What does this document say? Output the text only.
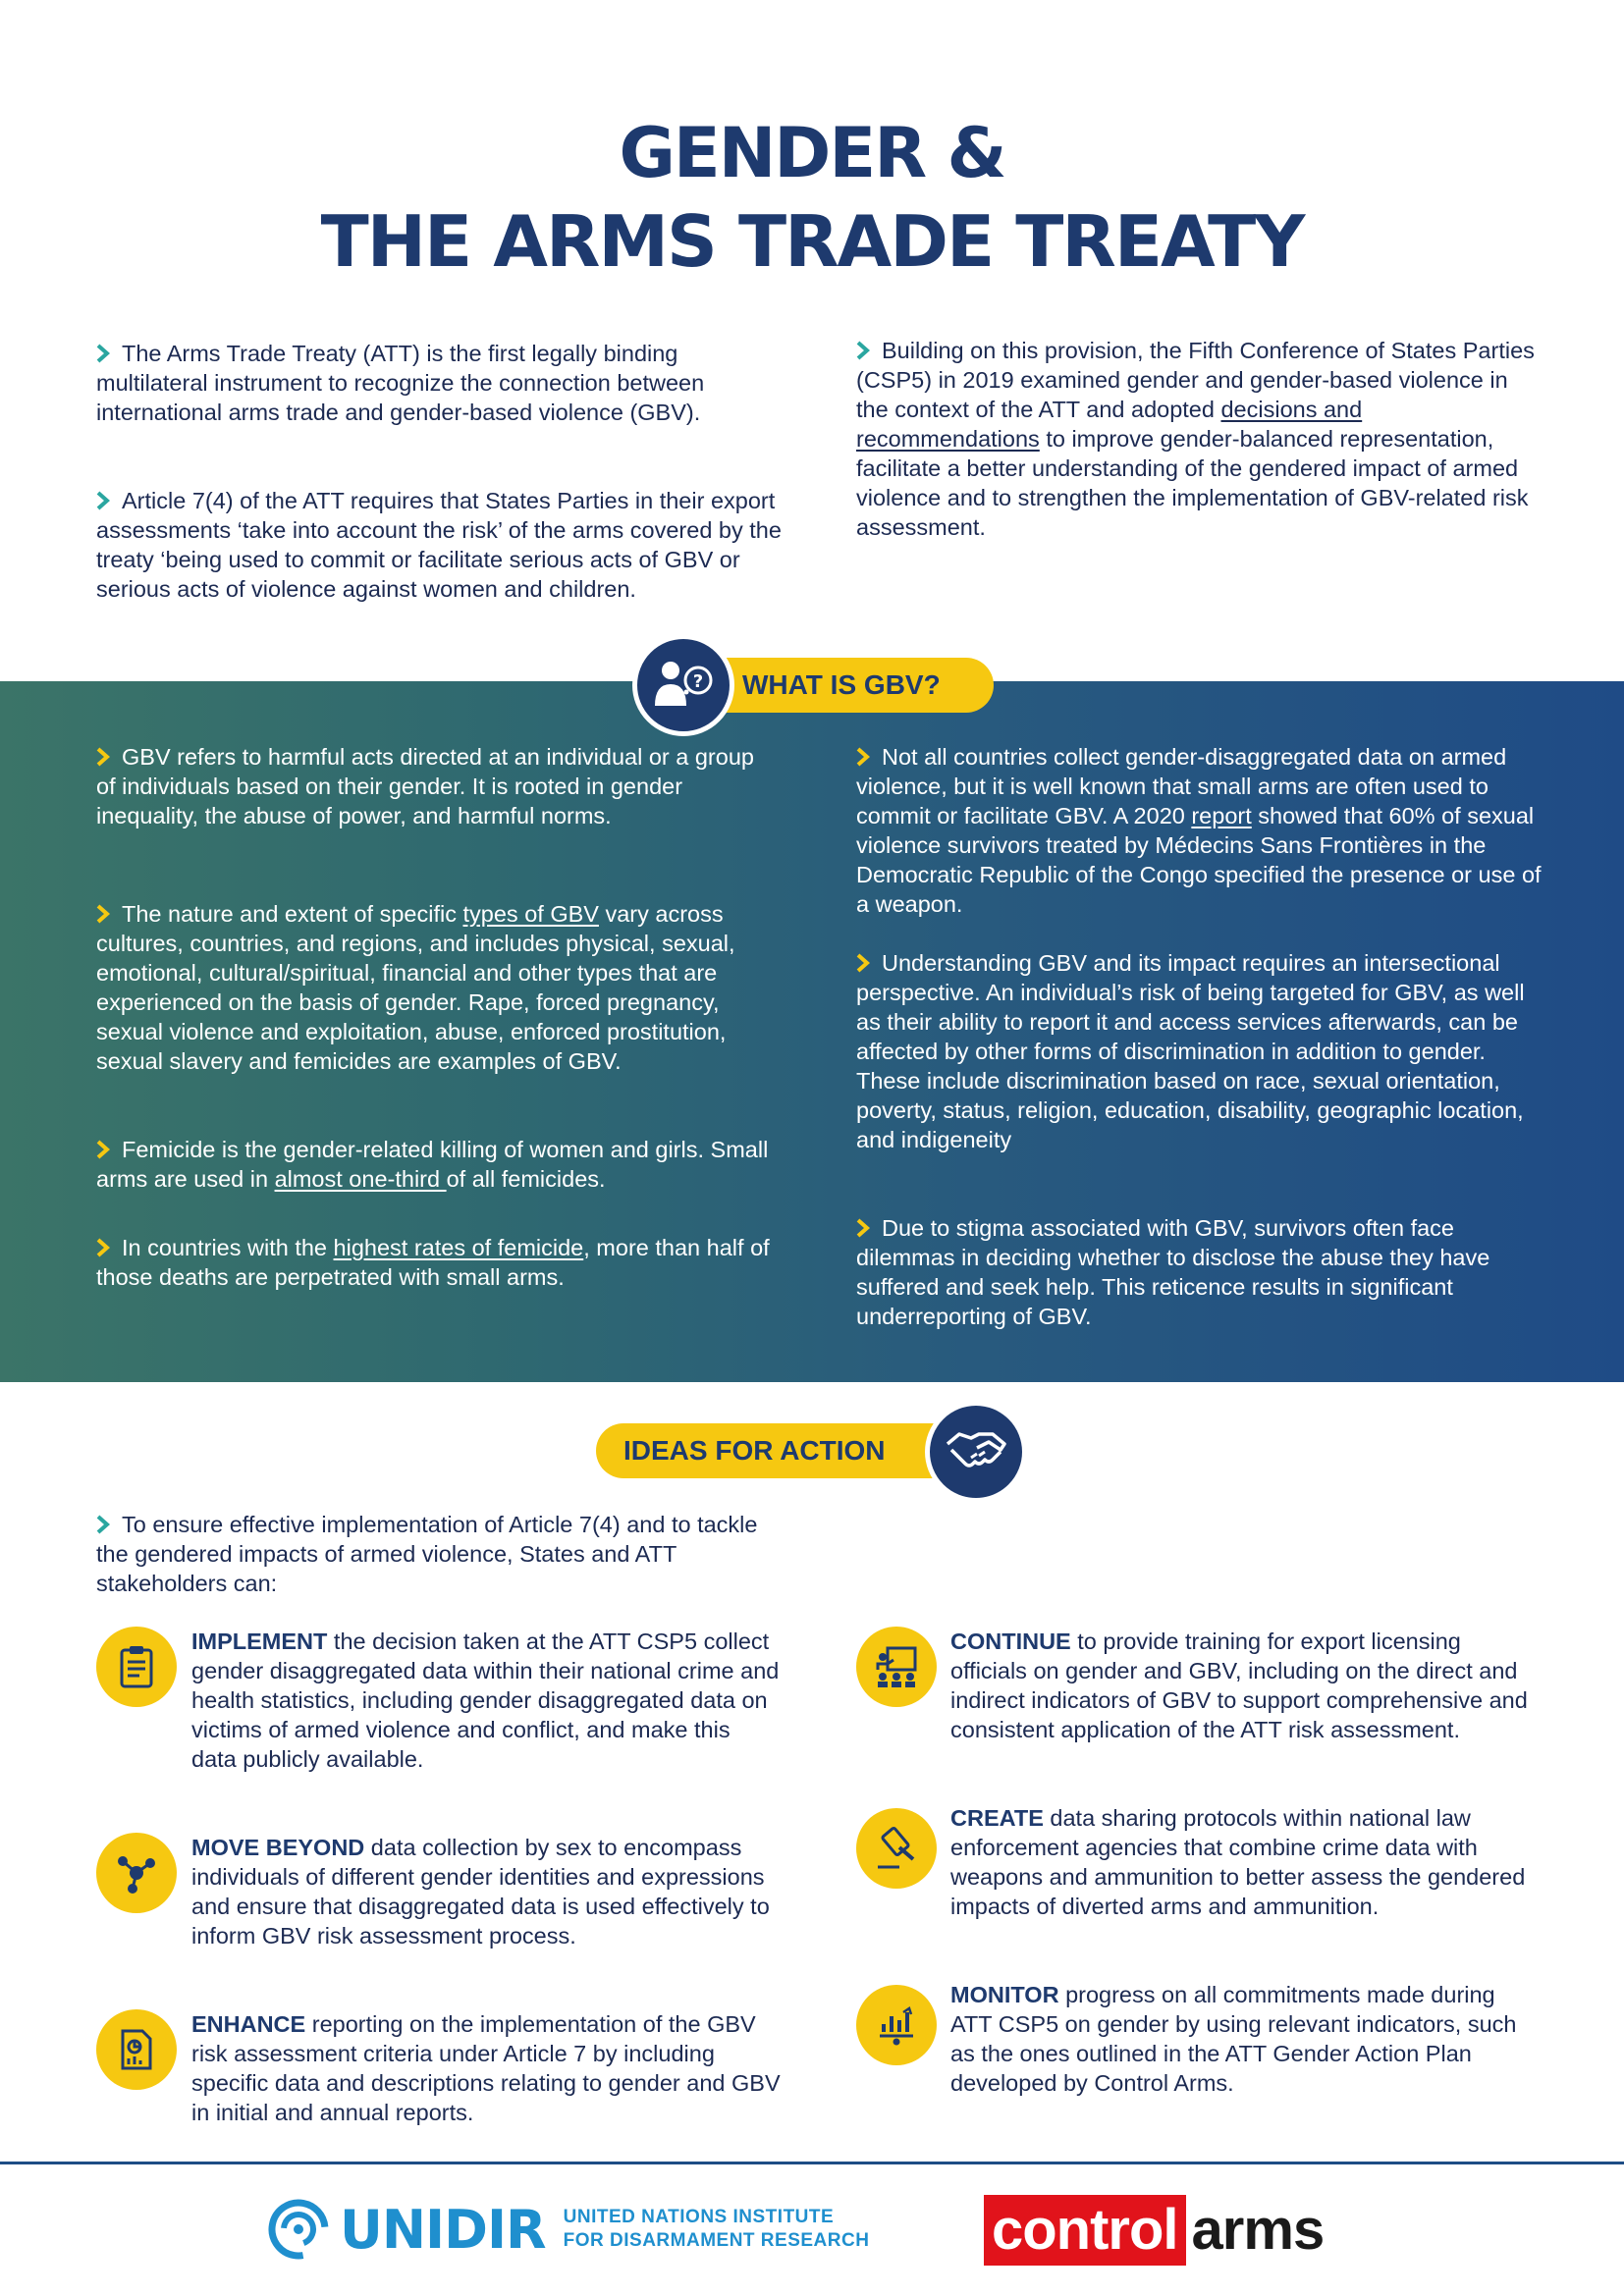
GENDER &
THE ARMS TRADE TREATY

The Arms Trade Treaty (ATT) is the first legally binding multilateral instrument to recognize the connection between international arms trade and gender-based violence (GBV).

Article 7(4) of the ATT requires that States Parties in their export assessments ‘take into account the risk’ of the arms covered by the treaty ‘being used to commit or facilitate serious acts of GBV or serious acts of violence against women and children.

Building on this provision, the Fifth Conference of States Parties (CSP5) in 2019 examined gender and gender-based violence in the context of the ATT and adopted decisions and recommendations to improve gender-balanced representation, facilitate a better understanding of the gendered impact of armed violence and to strengthen the implementation of GBV-related risk assessment.

GBV refers to harmful acts directed at an individual or a group of individuals based on their gender. It is rooted in gender inequality, the abuse of power, and harmful norms.

The nature and extent of specific types of GBV vary across cultures, countries, and regions, and includes physical, sexual, emotional, cultural/spiritual, financial and other types that are experienced on the basis of gender. Rape, forced pregnancy, sexual violence and exploitation, abuse, enforced prostitution, sexual slavery and femicides are examples of GBV.

Femicide is the gender-related killing of women and girls. Small arms are used in almost one-third of all femicides.

In countries with the highest rates of femicide, more than half of those deaths are perpetrated with small arms.

Not all countries collect gender-disaggregated data on armed violence, but it is well known that small arms are often used to commit or facilitate GBV. A 2020 report showed that 60% of sexual violence survivors treated by Médecins Sans Frontières in the Democratic Republic of the Congo specified the presence or use of a weapon.

Understanding GBV and its impact requires an intersectional perspective. An individual’s risk of being targeted for GBV, as well as their ability to report it and access services afterwards, can be affected by other forms of discrimination in addition to gender. These include discrimination based on race, sexual orientation, poverty, status, religion, education, disability, geographic location, and indigeneity

Due to stigma associated with GBV, survivors often face dilemmas in deciding whether to disclose the abuse they have suffered and seek help. This reticence results in significant underreporting of GBV.

WHAT IS GBV?
?
IDEAS FOR ACTION

To ensure effective implementation of Article 7(4) and to tackle the gendered impacts of armed violence, States and ATT stakeholders can:

IMPLEMENT the decision taken at the ATT CSP5 collect gender disaggregated data within their national crime and health statistics, including gender disaggregated data on victims of armed violence and conflict, and make this data publicly available.

MOVE BEYOND data collection by sex to encompass individuals of different gender identities and expressions and ensure that disaggregated data is used effectively to inform GBV risk assessment process.

ENHANCE reporting on the implementation of the GBV risk assessment criteria under Article 7 by including specific data and descriptions relating to gender and GBV in initial and annual reports.

CONTINUE to provide training for export licensing officials on gender and GBV, including on the direct and indirect indicators of GBV to support comprehensive and consistent application of the ATT risk assessment.

CREATE data sharing protocols within national law enforcement agencies that combine crime data with weapons and ammunition to better assess the gendered impacts of diverted arms and ammunition.

MONITOR progress on all commitments made during ATT CSP5 on gender by using relevant indicators, such as the ones outlined in the ATT Gender Action Plan developed by Control Arms.

UNIDIR UNITED NATIONS INSTITUTE
FOR DISARMAMENT RESEARCH control arms
